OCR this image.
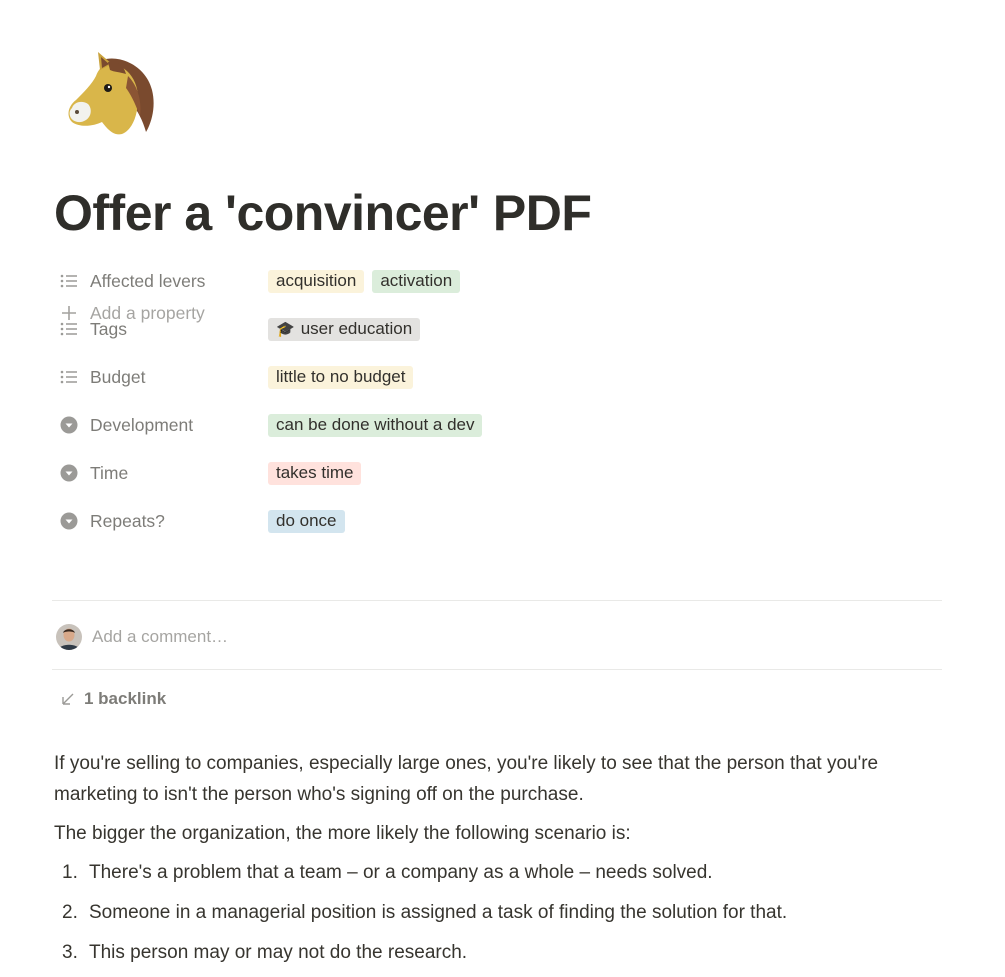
Offer a 'convincer' PDF
Affected levers	acquisition activation
Tags	🎓 user education
Budget	little to no budget
Development	can be done without a dev
Time	takes time
Repeats?	do once
Add a property
Add a comment…
1 backlink

If you're selling to companies, especially large ones, you're likely to see that the person that you're marketing to isn't the person who's signing off on the purchase.

The bigger the organization, the more likely the following scenario is:

1. There's a problem that a team – or a company as a whole – needs solved.
2. Someone in a managerial position is assigned a task of finding the solution for that.
3. This person may or may not do the research.
